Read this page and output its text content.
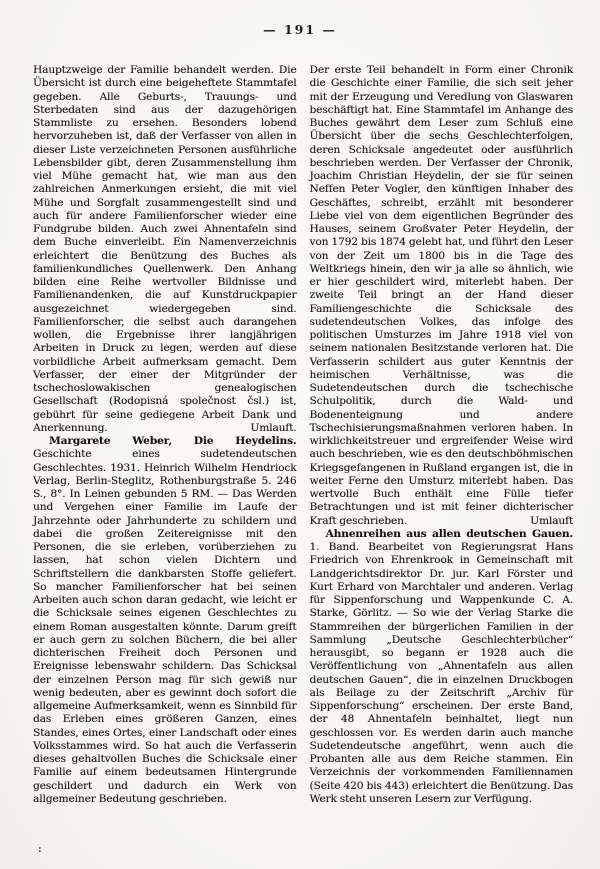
— 191 —

Hauptzweige der Familie behandelt werden. Die Übersicht ist durch eine beigeheftete Stammtafel gegeben. Alle Geburts-, Trauungs- und Sterbedaten sind aus der dazugehörigen Stammliste zu ersehen. Besonders lobend hervorzuheben ist, daß der Verfasser von allen in dieser Liste verzeichneten Personen ausführliche Lebensbilder gibt, deren Zusammenstellung ihm viel Mühe gemacht hat, wie man aus den zahlreichen Anmerkungen ersieht, die mit viel Mühe und Sorgfalt zusammengestellt sind und auch für andere Familienforscher wieder eine Fundgrube bilden. Auch zwei Ahnentafeln sind dem Buche einverleibt. Ein Namenverzeichnis erleichtert die Benützung des Buches als familienkundliches Quellenwerk. Den Anhang bilden eine Reihe wertvoller Bildnisse und Familienandenken, die auf Kunstdruckpapier ausgezeichnet wiedergegeben sind. Familienforscher, die selbst auch darangehen wollen, die Ergebnisse ihrer langjährigen Arbeiten in Druck zu legen, werden auf diese vorbildliche Arbeit aufmerksam gemacht. Dem Verfasser, der einer der Mitgründer der tschechoslowakischen genealogischen Gesellschaft (Rodopisná společnost čsl.) ist, gebührt für seine gediegene Arbeit Dank und Anerkennung.	Umlauft.

Margarete Weber, Die Heydelins. Geschichte eines sudetendeutschen Geschlechtes. 1931. Heinrich Wilhelm Hendriock Verlag, Berlin-Steglitz, Rothenburgstraße 5. 246 S., 8°. In Leinen gebunden 5 RM. — Das Werden und Vergehen einer Familie im Laufe der Jahrzehnte oder Jahrhunderte zu schildern und dabei die großen Zeitereignisse mit den Personen, die sie erleben, vorüberziehen zu lassen, hat schon vielen Dichtern und Schriftstellern die dankbarsten Stoffe geliefert. So mancher Familienforscher hat bei seinen Arbeiten auch schon daran gedacht, wie leicht er die Schicksale seines eigenen Geschlechtes zu einem Roman ausgestalten könnte. Darum greift er auch gern zu solchen Büchern, die bei aller dichterischen Freiheit doch Personen und Ereignisse lebenswahr schildern. Das Schicksal der einzelnen Person mag für sich gewiß nur wenig bedeuten, aber es gewinnt doch sofort die allgemeine Aufmerksamkeit, wenn es Sinnbild für das Erleben eines größeren Ganzen, eines Standes, eines Ortes, einer Landschaft oder eines Volksstammes wird. So hat auch die Verfasserin dieses gehaltvollen Buches die Schicksale einer Familie auf einem bedeutsamen Hintergrunde geschildert und dadurch ein Werk von allgemeiner Bedeutung geschrieben.

Der erste Teil behandelt in Form einer Chronik die Geschichte einer Familie, die sich seit jeher mit der Erzeugung und Veredlung von Glaswaren beschäftigt hat. Eine Stammtafel im Anhange des Buches gewährt dem Leser zum Schluß eine Übersicht über die sechs Geschlechterfolgen, deren Schicksale angedeutet oder ausführlich beschrieben werden. Der Verfasser der Chronik, Joachim Christian Heydelin, der sie für seinen Neffen Peter Vogler, den künftigen Inhaber des Geschäftes, schreibt, erzählt mit besonderer Liebe viel von dem eigentlichen Begründer des Hauses, seinem Großvater Peter Heydelin, der von 1792 bis 1874 gelebt hat, und führt den Leser von der Zeit um 1800 bis in die Tage des Weltkriegs hinein, den wir ja alle so ähnlich, wie er hier geschildert wird, miterlebt haben. Der zweite Teil bringt an der Hand dieser Familiengeschichte die Schicksale des sudetendeutschen Volkes, das infolge des politischen Umsturzes im Jahre 1918 viel von seinem nationalen Besitzstande verloren hat. Die Verfasserin schildert aus guter Kenntnis der heimischen Verhältnisse, was die Sudetendeutschen durch die tschechische Schulpolitik, durch die Wald- und Bodenenteignung und andere Tschechisierungsmaßnahmen verloren haben. In wirklichkeitstreuer und ergreifender Weise wird auch beschrieben, wie es den deutschböhmischen Kriegsgefangenen in Rußland ergangen ist, die in weiter Ferne den Umsturz miterlebt haben. Das wertvolle Buch enthält eine Fülle tiefer Betrachtungen und ist mit feiner dichterischer Kraft geschrieben.	Umlauft

Ahnenreihen aus allen deutschen Gauen. 1. Band. Bearbeitet von Regierungsrat Hans Friedrich von Ehrenkrook in Gemeinschaft mit Landgerichtsdirektor Dr. jur. Karl Förster und Kurt Erhard von Marchtaler und anderen. Verlag für Sippenforschung und Wappenkunde C. A. Starke, Görlitz. — So wie der Verlag Starke die Stammreihen der bürgerlichen Familien in der Sammlung „Deutsche Geschlechterbücher“ herausgibt, so begann er 1928 auch die Veröffentlichung von „Ahnentafeln aus allen deutschen Gauen“, die in einzelnen Druckbogen als Beilage zu der Zeitschrift „Archiv für Sippenforschung“ erscheinen. Der erste Band, der 48 Ahnentafeln beinhaltet, liegt nun geschlossen vor. Es werden darin auch manche Sudetendeutsche angeführt, wenn auch die Probanten alle aus dem Reiche stammen. Ein Verzeichnis der vorkommenden Familiennamen (Seite 420 bis 443) erleichtert die Benützung. Das Werk steht unseren Lesern zur Verfügung.

:
